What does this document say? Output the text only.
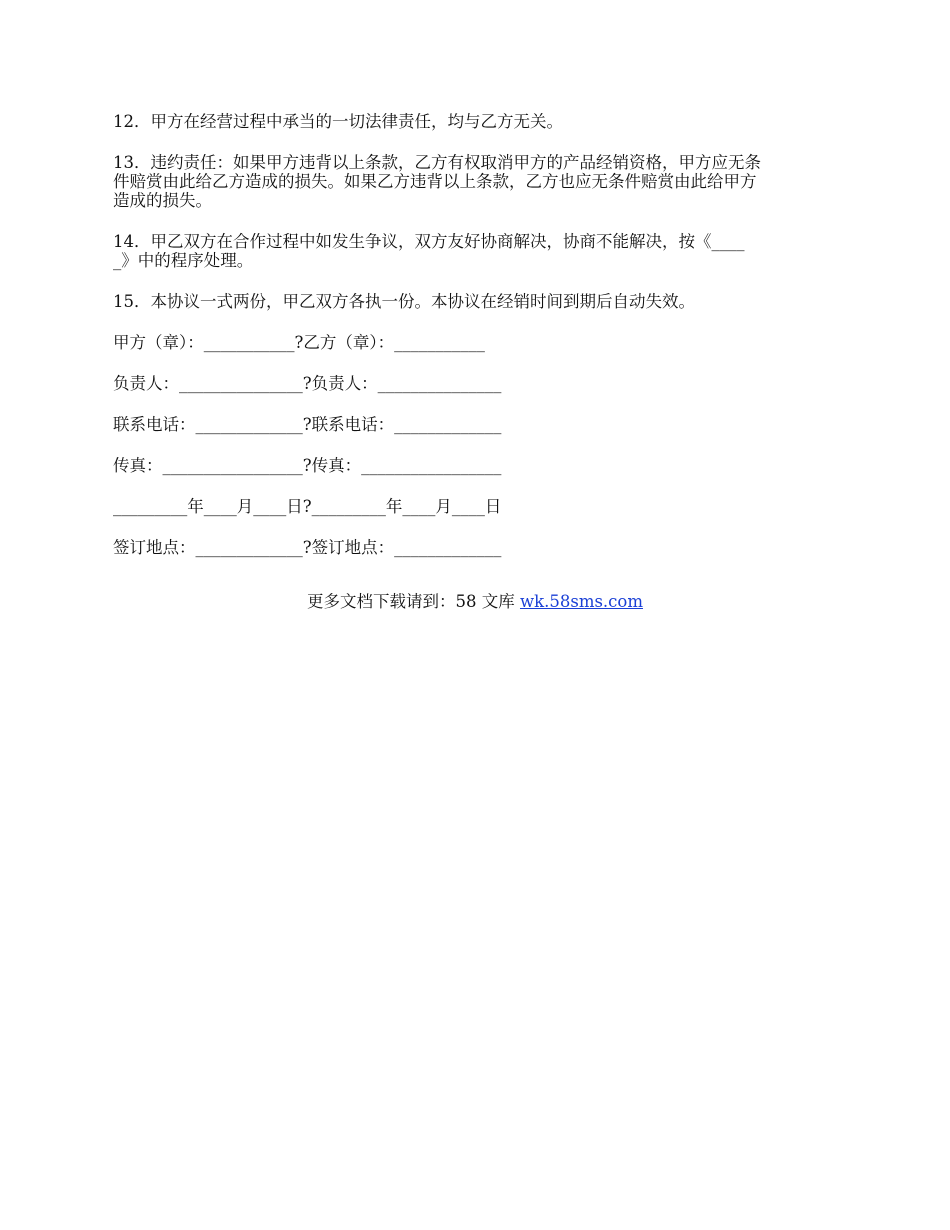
12．甲方在经营过程中承当的一切法律责任，均与乙方无关。

13．违约责任：如果甲方违背以上条款，乙方有权取消甲方的产品经销资格，甲方应无条

件赔赏由此给乙方造成的损失。如果乙方违背以上条款，乙方也应无条件赔赏由此给甲方

造成的损失。

14．甲乙双方在合作过程中如发生争议，双方友好协商解决，协商不能解决，按《____

_》中的程序处理。

15．本协议一式两份，甲乙双方各执一份。本协议在经销时间到期后自动失效。

甲方（章）：___________?乙方（章）：___________

负责人：_______________?负责人：_______________

联系电话：_____________?联系电话：_____________

传真：_________________?传真：_________________

_________年____月____日?_________年____月____日

签订地点：_____________?签订地点：_____________

更多文档下载请到：58 文库 wk.58sms.com
